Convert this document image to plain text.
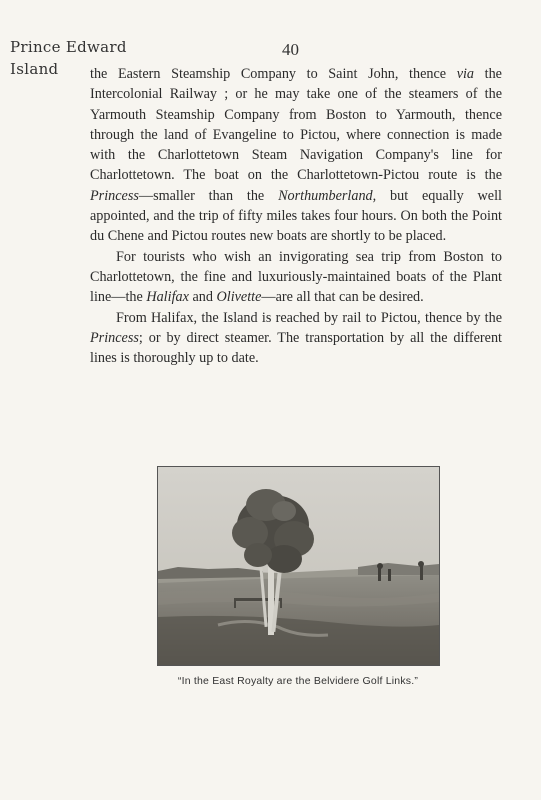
Prince Edward
Island
40

the Eastern Steamship Company to Saint John, thence via the Intercolonial Railway ; or he may take one of the steamers of the Yarmouth Steamship Company from Boston to Yarmouth, thence through the land of Evangeline to Pictou, where connection is made with the Charlottetown Steam Navigation Company's line for Charlottetown. The boat on the Charlottetown-Pictou route is the Princess—smaller than the Northumberland, but equally well appointed, and the trip of fifty miles takes four hours. On both the Point du Chene and Pictou routes new boats are shortly to be placed.

For tourists who wish an invigorating sea trip from Boston to Charlottetown, the fine and luxuriously-maintained boats of the Plant line—the Halifax and Olivette—are all that can be desired.

From Halifax, the Island is reached by rail to Pictou, thence by the Princess; or by direct steamer. The transportation by all the different lines is thoroughly up to date.

“In the East Royalty are the Belvidere Golf Links.”
